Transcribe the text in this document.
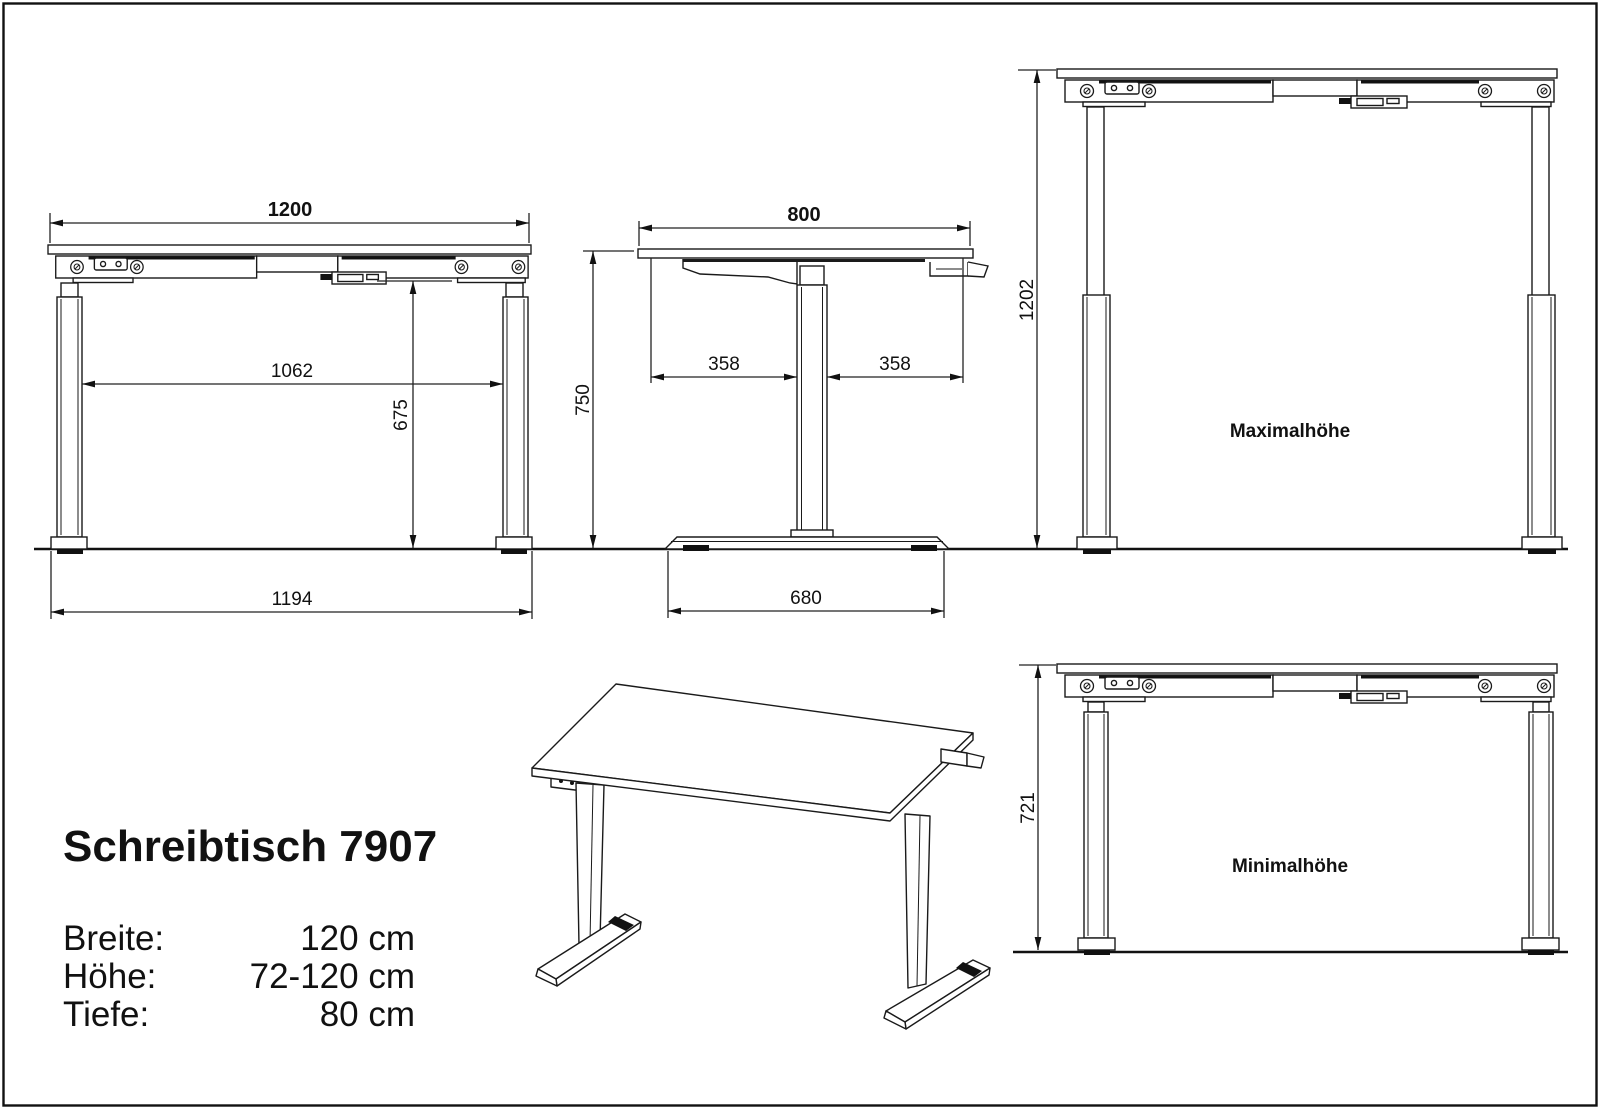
1200
1062
675
1194
800
750
358	358
680
1202
Maximalhöhe
721
Minimalhöhe
Schreibtisch 7907
Breite:	120 cm
Höhe:	72-120 cm
Tiefe:	80 cm
